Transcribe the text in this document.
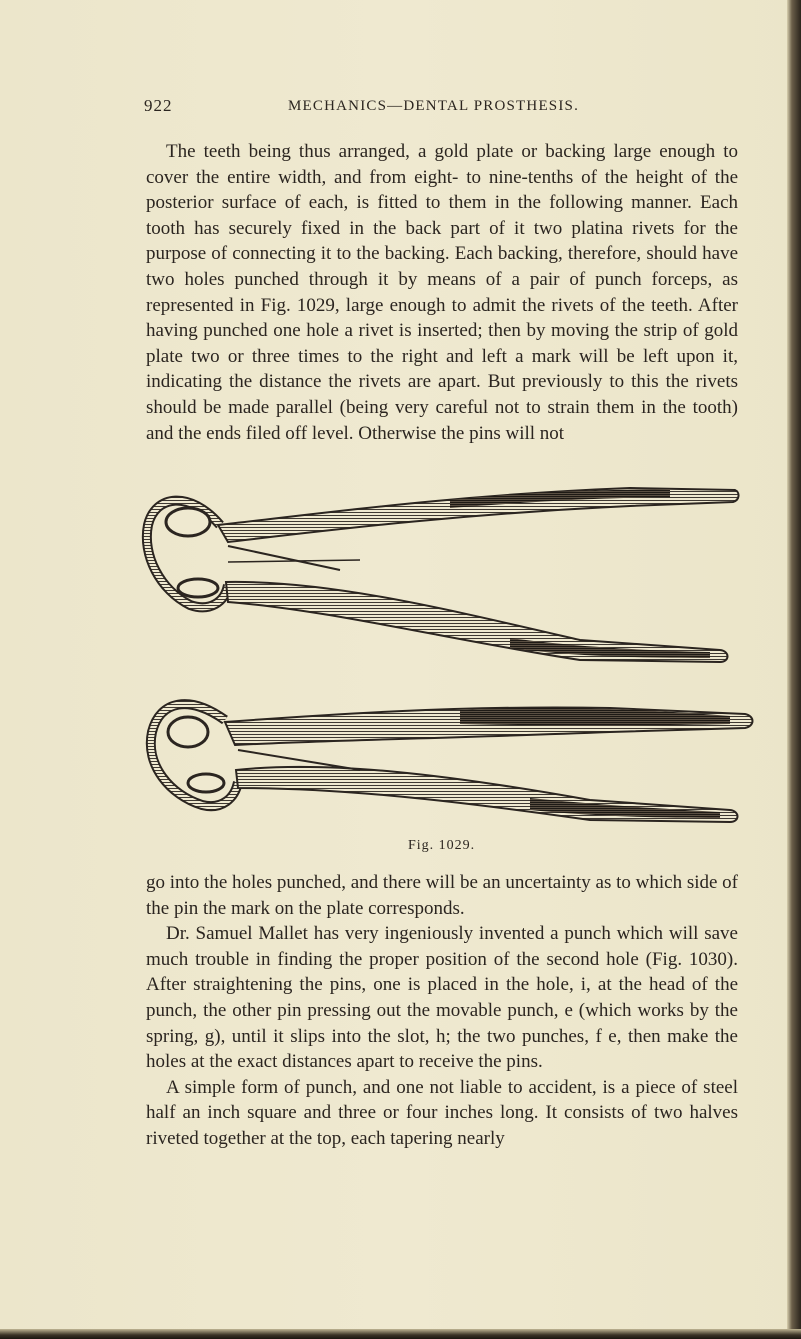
922	MECHANICS—DENTAL PROSTHESIS.

The teeth being thus arranged, a gold plate or backing large enough to cover the entire width, and from eight- to nine-tenths of the height of the posterior surface of each, is fitted to them in the following manner. Each tooth has securely fixed in the back part of it two platina rivets for the purpose of connecting it to the backing. Each backing, therefore, should have two holes punched through it by means of a pair of punch forceps, as represented in Fig. 1029, large enough to admit the rivets of the teeth. After having punched one hole a rivet is inserted; then by moving the strip of gold plate two or three times to the right and left a mark will be left upon it, indicating the distance the rivets are apart. But previously to this the rivets should be made parallel (being very careful not to strain them in the tooth) and the ends filed off level. Otherwise the pins will not

Fig. 1029.

go into the holes punched, and there will be an uncertainty as to which side of the pin the mark on the plate corresponds.

Dr. Samuel Mallet has very ingeniously invented a punch which will save much trouble in finding the proper position of the second hole (Fig. 1030). After straightening the pins, one is placed in the hole, i, at the head of the punch, the other pin pressing out the movable punch, e (which works by the spring, g), until it slips into the slot, h; the two punches, f e, then make the holes at the exact distances apart to receive the pins.

A simple form of punch, and one not liable to accident, is a piece of steel half an inch square and three or four inches long. It consists of two halves riveted together at the top, each tapering nearly
